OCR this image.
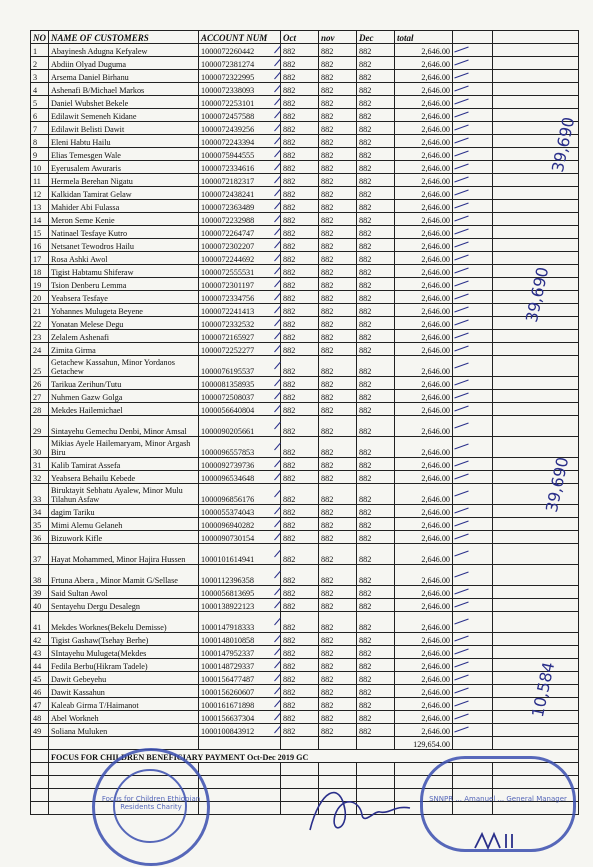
NO	NAME OF CUSTOMERS	ACCOUNT NUM	Oct	nov	Dec	total		
1	Abayinesh Adugna Kefyalew	1000072260442	882	882	882	2,646.00		
2	Abdiin Olyad Duguma	1000072381274	882	882	882	2,646.00		
3	Arsema Daniel Birhanu	1000072322995	882	882	882	2,646.00		
4	Ashenafi B/Michael Markos	1000072338093	882	882	882	2,646.00		
5	Daniel Wubshet Bekele	1000072253101	882	882	882	2,646.00		
6	Edilawit Semeneh Kidane	1000072457588	882	882	882	2,646.00		
7	Edilawit Belisti Dawit	1000072439256	882	882	882	2,646.00		
8	Eleni Habtu Hailu	1000072243394	882	882	882	2,646.00		
9	Elias Temesgen Wale	1000075944555	882	882	882	2,646.00		
10	Eyerusalem Awuraris	1000072334616	882	882	882	2,646.00		
11	Hermela Berehan Nigatu	1000072182317	882	882	882	2,646.00		
12	Kalkidan Tamirat Gelaw	1000072438241	882	882	882	2,646.00		
13	Mahider Abi Fulassa	1000072363489	882	882	882	2,646.00		
14	Meron Seme Kenie	1000072232988	882	882	882	2,646.00		
15	Natinael Tesfaye Kutro	1000072264747	882	882	882	2,646.00		
16	Netsanet Tewodros Hailu	1000072302207	882	882	882	2,646.00		
17	Rosa Ashki Awol	1000072244692	882	882	882	2,646.00		
18	Tigist Habtamu Shiferaw	1000072555531	882	882	882	2,646.00		
19	Tsion Denberu Lemma	1000072301197	882	882	882	2,646.00		
20	Yeabsera Tesfaye	1000072334756	882	882	882	2,646.00		
21	Yohannes Mulugeta Beyene	1000072241413	882	882	882	2,646.00		
22	Yonatan Melese Degu	1000072332532	882	882	882	2,646.00		
23	Zelalem Ashenafi	1000072165927	882	882	882	2,646.00		
24	Zimita Girma	1000072252277	882	882	882	2,646.00		
25	Getachew Kassahun, Minor Yordanos Getachew	1000076195537	882	882	882	2,646.00		
26	Tarikua Zerihun/Tutu	1000081358935	882	882	882	2,646.00		
27	Nuhmen Gazw Golga	1000072508037	882	882	882	2,646.00		
28	Mekdes Hailemichael	1000056640804	882	882	882	2,646.00		
29	Sintayehu Gemechu Denbi, Minor Amsal	1000090205661	882	882	882	2,646.00		
30	Mikias Ayele Hailemaryam, Minor Argash Biru	1000096557853	882	882	882	2,646.00		
31	Kalib Tamirat Assefa	1000092739736	882	882	882	2,646.00		
32	Yeabsera Behailu Kebede	1000096534648	882	882	882	2,646.00		
33	Biruktayit Sebhatu Ayalew, Minor Mulu Tilahun Asfaw	1000096856176	882	882	882	2,646.00		
34	dagim Tariku	1000055374043	882	882	882	2,646.00		
35	Mimi Alemu Gelaneh	1000096940282	882	882	882	2,646.00		
36	Bizuwork Kifle	1000090730154	882	882	882	2,646.00		
37	Hayat Mohammed, Minor Hajira Hussen	1000101614941	882	882	882	2,646.00		
38	Frtuna Abera , Minor Mamit G/Sellase	1000112396358	882	882	882	2,646.00		
39	Said Sultan Awol	1000056813695	882	882	882	2,646.00		
40	Sentayehu Dergu Desalegn	1000138922123	882	882	882	2,646.00		
41	Mekdes Worknes(Bekelu Demisse)	1000147918333	882	882	882	2,646.00		
42	Tigist Gashaw(Tsehay Berhe)	1000148010858	882	882	882	2,646.00		
43	SIntayehu Mulugeta(Mekdes	1000147952337	882	882	882	2,646.00		
44	Fedila Berbu(Hikram Tadele)	1000148729337	882	882	882	2,646.00		
45	Dawit Gebeyehu	1000156477487	882	882	882	2,646.00		
46	Dawit Kassahun	1000156260607	882	882	882	2,646.00		
47	Kaleab Girma T/Haimanot	1000161671898	882	882	882	2,646.00		
48	Abel Workneh	1000156637304	882	882	882	2,646.00		
49	Soliana Muluken	1000100843912	882	882	882	2,646.00		
						129,654.00		
	FOCUS FOR CHILDREN BENEFICIARY PAYMENT Oct-Dec 2019 GC							

39,690
39,690
39,690
10,584
Focus for Children Ethiopian Residents Charity
SNNPR ... Amanuel ... General Manager
